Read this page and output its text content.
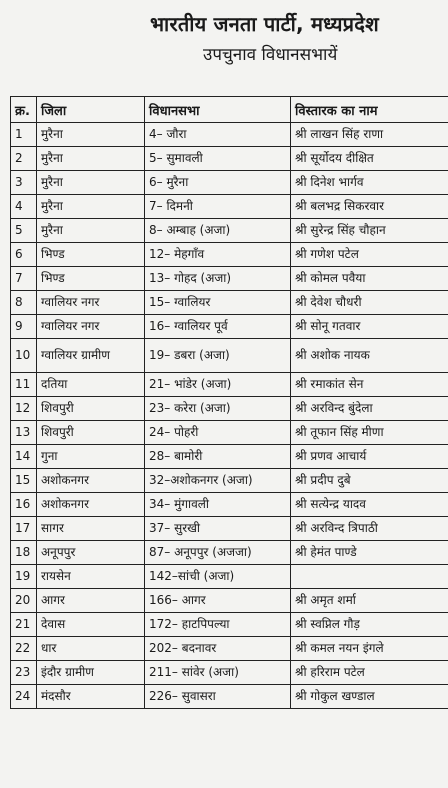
भारतीय जनता पार्टी, मध्यप्रदेश
उपचुनाव विधानसभायें
क्र.	जिला	विधानसभा	विस्तारक का नाम
1	मुरैना	4– जौरा	श्री लाखन सिंह राणा
2	मुरैना	5– सुमावली	श्री सूर्योदय दीक्षित
3	मुरैना	6– मुरैना	श्री दिनेश भार्गव
4	मुरैना	7– दिमनी	श्री बलभद्र सिकरवार
5	मुरैना	8– अम्बाह (अजा)	श्री सुरेन्द्र सिंह चौहान
6	भिण्ड	12– मेहगाँव	श्री गणेश पटेल
7	भिण्ड	13– गोहद (अजा)	श्री कोमल पवैया
8	ग्वालियर नगर	15– ग्वालियर	श्री देवेश चौधरी
9	ग्वालियर नगर	16– ग्वालियर पूर्व	श्री सोनू गतवार
10	ग्वालियर ग्रामीण	19– डबरा (अजा)	श्री अशोक नायक
11	दतिया	21– भांडेर (अजा)	श्री रमाकांत सेन
12	शिवपुरी	23– करेरा (अजा)	श्री अरविन्द बुंदेला
13	शिवपुरी	24– पोहरी	श्री तूफान सिंह मीणा
14	गुना	28– बामोरी	श्री प्रणव आचार्य
15	अशोकनगर	32–अशोकनगर (अजा)	श्री प्रदीप दुबे
16	अशोकनगर	34– मुंगावली	श्री सत्येन्द्र यादव
17	सागर	37– सुरखी	श्री अरविन्द त्रिपाठी
18	अनूपपुर	87– अनूपपुर (अजजा)	श्री हेमंत पाण्डे
19	रायसेन	142–सांची (अजा)	
20	आगर	166– आगर	श्री अमृत शर्मा
21	देवास	172– हाटपिपल्या	श्री स्वप्निल गौड़
22	धार	202– बदनावर	श्री कमल नयन इंगले
23	इंदौर ग्रामीण	211– सांवेर (अजा)	श्री हरिराम पटेल
24	मंदसौर	226– सुवासरा	श्री गोकुल खण्डाल
